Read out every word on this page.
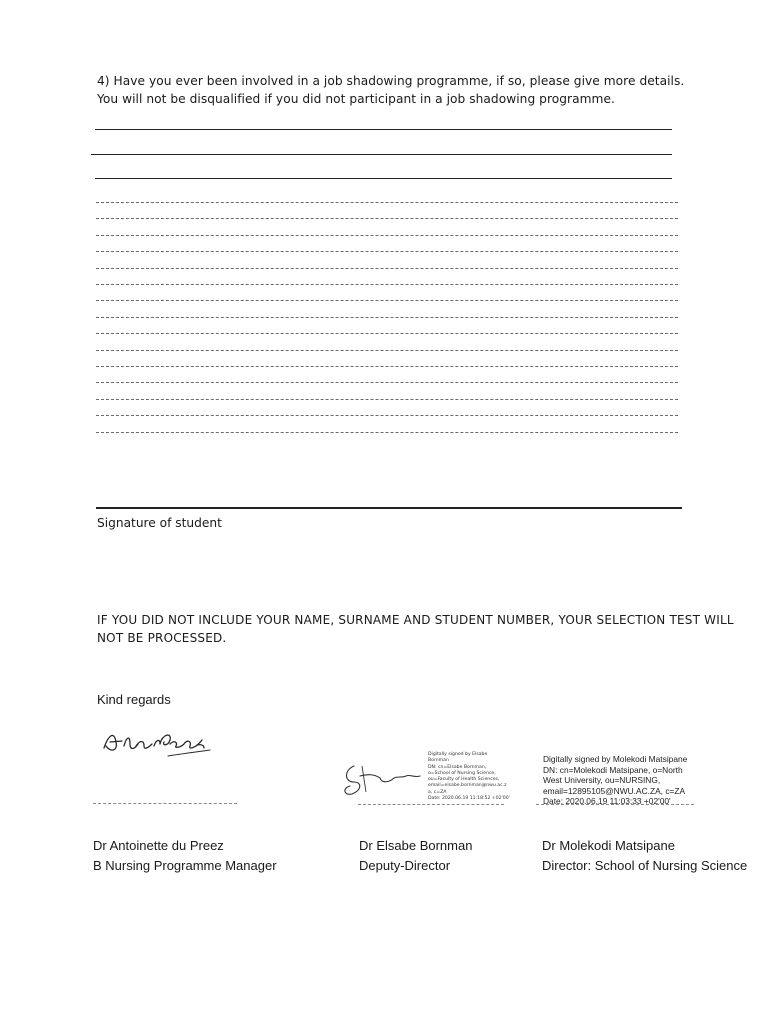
4) Have you ever been involved in a job shadowing programme, if so, please give more details. You will not be disqualified if you did not participant in a job shadowing programme.
Signature of student
IF YOU DID NOT INCLUDE YOUR NAME, SURNAME AND STUDENT NUMBER, YOUR SELECTION TEST WILL NOT BE PROCESSED.
Kind regards
Digitally signed by Elsabe
Bornman
DN: cn=Elsabe Bornman,
o=School of Nursing Science,
ou=Faculty of Health Sciences,
email=elsabe.bornman@nwu.ac.z
a, c=ZA
Date: 2020.06.19 11:18:52 +02'00'
Digitally signed by Molekodi Matsipane
DN: cn=Molekodi Matsipane, o=North
West University, ou=NURSING,
email=12895105@NWU.AC.ZA, c=ZA
Date: 2020.06.19 11:03:33 +02'00'
Dr Antoinette du Preez
B Nursing Programme Manager
Dr Elsabe Bornman
Deputy-Director
Dr Molekodi Matsipane
Director: School of Nursing Science
